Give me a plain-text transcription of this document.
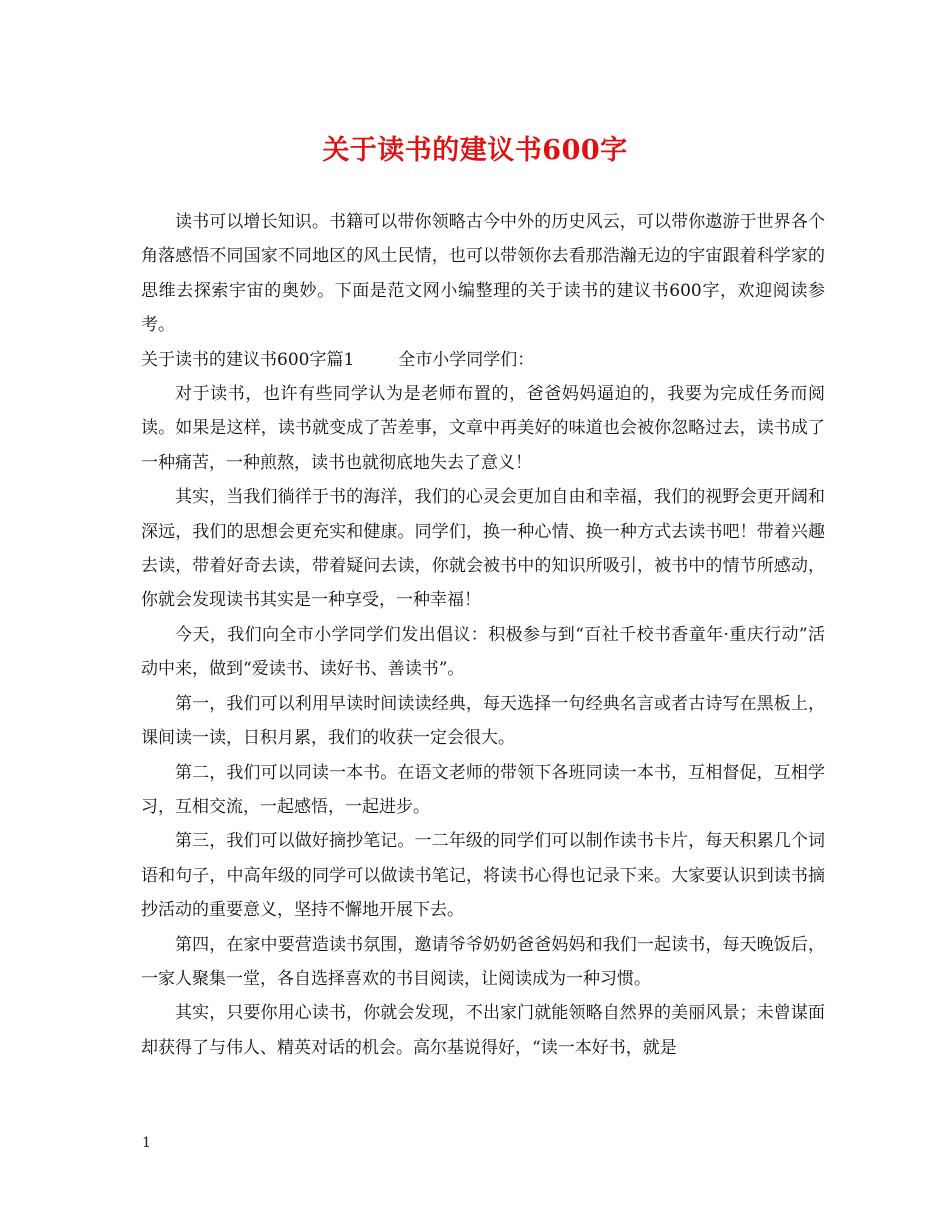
关于读书的建议书600字

读书可以增长知识。书籍可以带你领略古今中外的历史风云，可以带你遨游于世界各个角落感悟不同国家不同地区的风土民情，也可以带领你去看那浩瀚无边的宇宙跟着科学家的思维去探索宇宙的奥妙。下面是范文网小编整理的关于读书的建议书600字，欢迎阅读参考。

关于读书的建议书600字篇1	全市小学同学们：

对于读书，也许有些同学认为是老师布置的，爸爸妈妈逼迫的，我要为完成任务而阅读。如果是这样，读书就变成了苦差事，文章中再美好的味道也会被你忽略过去，读书成了一种痛苦，一种煎熬，读书也就彻底地失去了意义！

其实，当我们徜徉于书的海洋，我们的心灵会更加自由和幸福，我们的视野会更开阔和深远，我们的思想会更充实和健康。同学们，换一种心情、换一种方式去读书吧！带着兴趣去读，带着好奇去读，带着疑问去读，你就会被书中的知识所吸引，被书中的情节所感动，你就会发现读书其实是一种享受，一种幸福！

今天，我们向全市小学同学们发出倡议：积极参与到“百社千校书香童年·重庆行动”活动中来，做到“爱读书、读好书、善读书”。

第一，我们可以利用早读时间读读经典，每天选择一句经典名言或者古诗写在黑板上，课间读一读，日积月累，我们的收获一定会很大。

第二，我们可以同读一本书。在语文老师的带领下各班同读一本书，互相督促，互相学习，互相交流，一起感悟，一起进步。

第三，我们可以做好摘抄笔记。一二年级的同学们可以制作读书卡片，每天积累几个词语和句子，中高年级的同学可以做读书笔记，将读书心得也记录下来。大家要认识到读书摘抄活动的重要意义，坚持不懈地开展下去。

第四，在家中要营造读书氛围，邀请爷爷奶奶爸爸妈妈和我们一起读书，每天晚饭后，一家人聚集一堂，各自选择喜欢的书目阅读，让阅读成为一种习惯。

其实，只要你用心读书，你就会发现，不出家门就能领略自然界的美丽风景；未曾谋面却获得了与伟人、精英对话的机会。高尔基说得好，“读一本好书，就是

1
